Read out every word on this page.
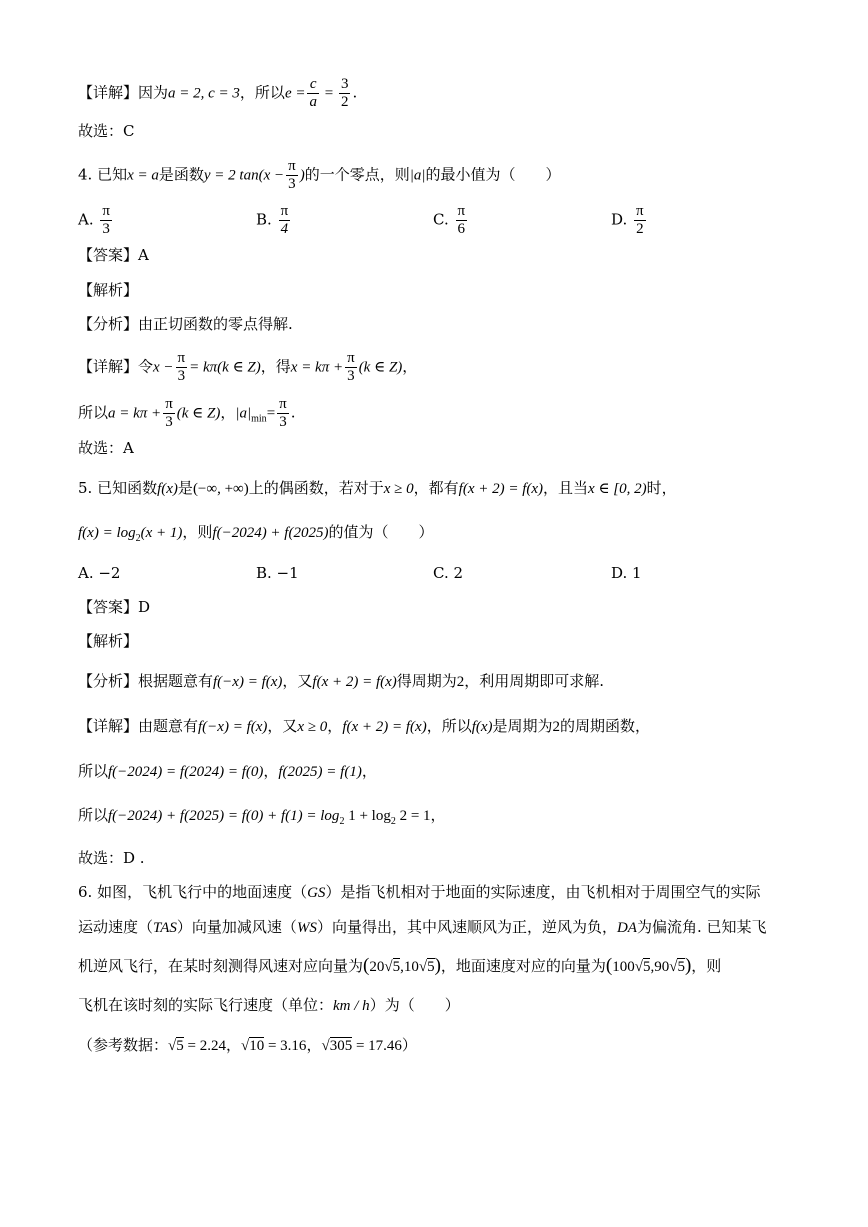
【详解】因为a = 2, c = 3，所以$e = \frac{c}{a} = \frac{3}{2}$ .
故选：C
4. 已知x = a是函数y = 2 $\tan(x - \frac{\pi}{3}$ )的一个零点，则|a|的最小值为（　　）
A. $\frac{\pi}{3}$	B. $\frac{\pi}{4}$	C. $\frac{\pi}{6}$	D. $\frac{\pi}{2}$
【答案】A
【解析】
【分析】由正切函数的零点得解.
【详解】令$x - \frac{\pi}{3} = k\pi(k$ ∈ Z)，得$x = k\pi + \frac{\pi}{3} (k$ ∈ Z)，
所以$a = k\pi + \frac{\pi}{3} (k$ ∈ Z)，$|a|_{min}= \frac{\pi}{3}$ .
故选：A
5. 已知函数f(x)是(−∞, +∞)上的偶函数，若对于x ≥ 0，都有f(x + 2) = f(x)，且当x ∈ [0, 2)时，
$f(x) = \log_2(x + 1)$，则f(−2024) + f(2025)的值为（　　）
A. −2	B. −1	C. 2	D. 1
【答案】D
【解析】
【分析】根据题意有f(−x) = f(x)，又f(x + 2) = f(x)得周期为2，利用周期即可求解.
【详解】由题意有f(−x) = f(x)，又x ≥ 0，f(x + 2) = f(x)，所以f(x)是周期为2的周期函数，
所以f(−2024) = f(2024) = f(0)，f(2025) = f(1)，
所以$f(-2024) + f(2025) = f(0) + f(1) = \log_2 1 + \log_2 2 = 1$，
故选：D .
6. 如图，飞机飞行中的地面速度（GS）是指飞机相对于地面的实际速度，由飞机相对于周围空气的实际
运动速度（TAS）向量加减风速（WS）向量得出，其中风速顺风为正，逆风为负，DA为偏流角. 已知某飞
机逆风飞行，在某时刻测得风速对应向量为(20√5,10√5)，地面速度对应的向量为(100√5,90√5)，则
飞机在该时刻的实际飞行速度（单位：km / h）为（　　）
（参考数据：√5 = 2.24，√10 = 3.16，√305 = 17.46）
